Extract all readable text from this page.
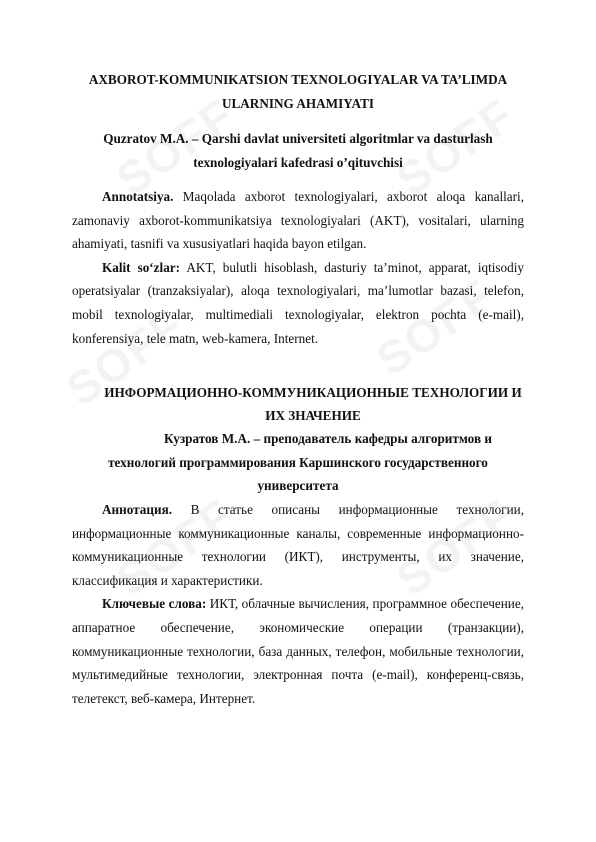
AXBOROT-KOMMUNIKATSION TEXNOLOGIYALAR VA TA’LIMDA ULARNING AHAMIYATI

Quzratov M.A. – Qarshi davlat universiteti algoritmlar va dasturlash texnologiyalari kafedrasi o’qituvchisi

Annotatsiya. Maqolada axborot texnologiyalari, axborot aloqa kanallari, zamonaviy axborot-kommunikatsiya texnologiyalari (AKT), vositalari, ularning ahamiyati, tasnifi va xususiyatlari haqida bayon etilgan.

Kalit so‘zlar: AKT, bulutli hisoblash, dasturiy ta’minot, apparat, iqtisodiy operatsiyalar (tranzaksiyalar), aloqa texnologiyalari, ma’lumotlar bazasi, telefon, mobil texnologiyalar, multimediali texnologiyalar, elektron pochta (e-mail), konferensiya, tele matn, web-kamera, Internet.

ИНФОРМАЦИОННО-КОММУНИКАЦИОННЫЕ ТЕХНОЛОГИИ И ИХ ЗНАЧЕНИЕ

Кузратов М.А. – преподаватель кафедры алгоритмов и
технологий программирования Каршинского государственного
университета

Аннотация. В статье описаны информационные технологии, информационные коммуникационные каналы, современные информационно-коммуникационные технологии (ИКТ), инструменты, их значение, классификация и характеристики.

Ключевые слова: ИКТ, облачные вычисления, программное обеспечение, аппаратное обеспечение, экономические операции (транзакции), коммуникационные технологии, база данных, телефон, мобильные технологии, мультимедийные технологии, электронная почта (e-mail), конференц-связь, телетекст, веб-камера, Интернет.
